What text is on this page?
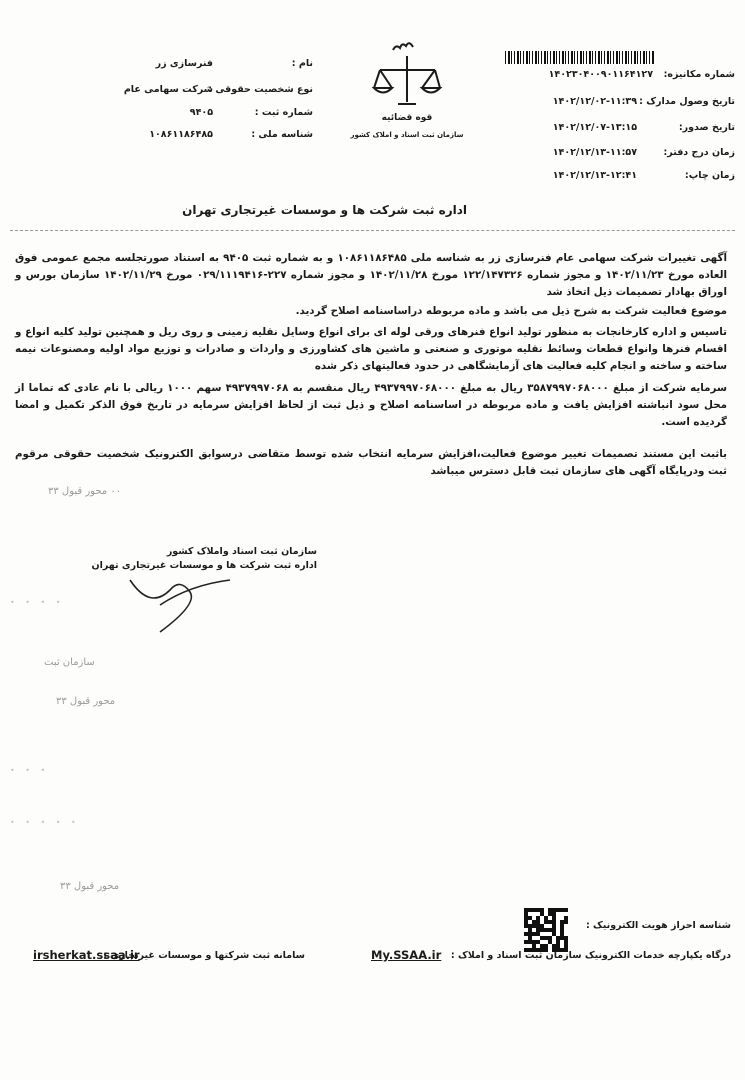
نام :
فنرسازی زر
نوع شخصیت حقوقی :
شرکت سهامی عام
شماره ثبت :
۹۴۰۵
شناسه ملی :
۱۰۸۶۱۱۸۶۴۸۵
قوه قضائیه
سازمان ثبت اسناد و املاک کشور
شماره مکانیزه:
۱۴۰۲۳۰۴۰۰۹۰۱۱۶۴۱۲۷
تاریخ وصول مدارک :
۱۴۰۲/۱۲/۰۲-۱۱:۳۹
تاریخ صدور:
۱۴۰۲/۱۲/۰۷-۱۳:۱۵
زمان درج دفتر:
۱۴۰۲/۱۲/۱۳-۱۱:۵۷
زمان چاپ:
۱۴۰۲/۱۲/۱۳-۱۲:۴۱
اداره ثبت شرکت ها و موسسات غیرتجاری تهران
آگهی تغییرات شرکت سهامی عام فنرسازی زر به شناسه ملی ۱۰۸۶۱۱۸۶۴۸۵ و به شماره ثبت ۹۴۰۵ به استناد صورتجلسه مجمع عمومی فوق العاده مورخ ۱۴۰۲/۱۱/۲۳ و مجوز شماره ۱۲۲/۱۴۷۳۲۶ مورخ ۱۴۰۲/۱۱/۲۸ و مجوز شماره ۲۲۷-۰۲۹/۱۱۱۹۴۱۶ مورخ ۱۴۰۲/۱۱/۲۹ سازمان بورس و اوراق بهادار تصمیمات ذیل اتخاذ شد
موضوع فعالیت شرکت به شرح ذیل می باشد و ماده مربوطه دراساسنامه اصلاح گردید.
تاسیس و اداره کارخانجات به منظور تولید انواع فنرهای ورقی لوله ای برای انواع وسایل نقلیه زمینی و روی ریل و همچنین تولید کلیه انواع و اقسام فنرها وانواع قطعات وسائط نقلیه موتوری و صنعتی و ماشین های کشاورزی و واردات و صادرات و توزیع مواد اولیه ومصنوعات نیمه ساخته و ساخته و انجام کلیه فعالیت های آزمایشگاهی در حدود فعالیتهای ذکر شده
سرمایه شرکت از مبلغ ۳۵۸۷۹۹۷۰۶۸۰۰۰ ریال به مبلغ ۴۹۳۷۹۹۷۰۶۸۰۰۰ ریال منقسم به ۴۹۳۷۹۹۷۰۶۸ سهم ۱۰۰۰ ریالی با نام عادی که تماما از محل سود انباشته افزایش یافت و ماده مربوطه در اساسنامه اصلاح و ذیل ثبت از لحاظ افزایش سرمایه در تاریخ فوق الذکر تکمیل و امضا گردیده است.
باثبت این مستند تصمیمات تغییر موضوع فعالیت،افزایش سرمایه انتخاب شده توسط متقاضی درسوابق الکترونیک شخصیت حقوقی مرقوم ثبت ودرپایگاه آگهی های سازمان ثبت قابل دسترس میباشد
۰۰ محور قبول ۳۳
سازمان ثبت
محور قبول ۳۳
محور قبول ۳۳
• • • •
• • •
• • • • •
سازمان ثبت اسناد واملاک کشور
اداره ثبت شرکت ها و موسسات غیرتجاری تهران
شناسه احراز هویت الکترونیک :
درگاه یکپارچه خدمات الکترونیک سازمان ثبت اسناد و املاک :
My.SSAA.ir
سامانه ثبت شرکتها و موسسات غیرتجاری :
irsherkat.ssaa.ir
